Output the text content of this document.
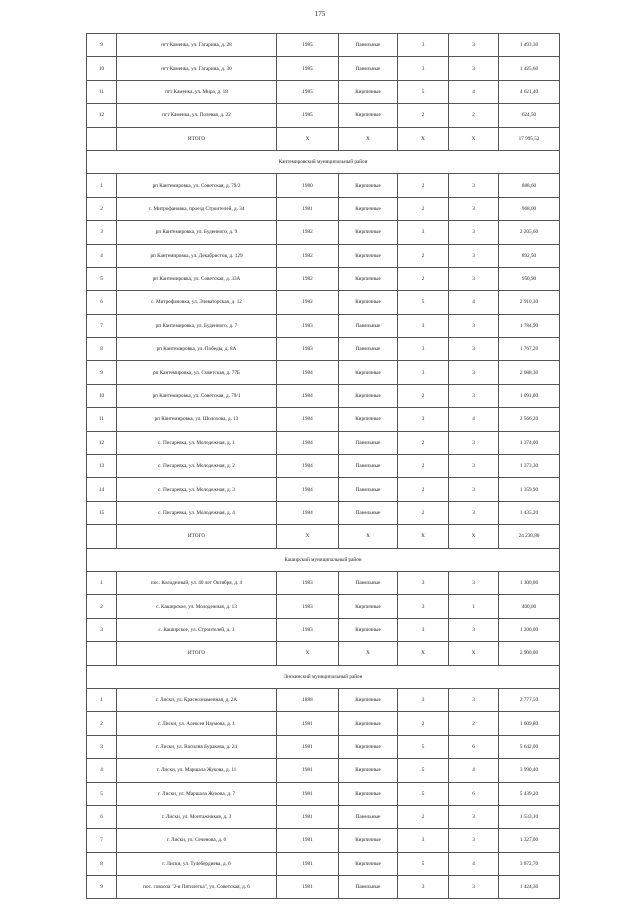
175
9	пгт Каменка, ул. Гагарина, д. 28	1985	Панельные	3	3	1 493,30
10	пгт Каменка, ул. Гагарина, д. 30	1985	Панельные	3	3	1 425,60
11	пгт Каменка, ул. Мира, д. 18	1985	Кирпичные	5	4	4 621,40
12	пгт Каменка, ул. Полевая, д. 22	1985	Кирпичные	2	2	624,50
	ИТОГО	X	X	X	X	17 995,52
Кантемировский муниципальный район						
1	рп Кантемировка, ул. Советская, д. 79/2	1980	Кирпичные	2	3	888,60
2	с. Митрофановка, проезд Строителей, д. 34	1981	Кирпичные	2	3	968,00
3	рп Кантемировка, ул. Буденного, д. 9	1982	Кирпичные	3	3	2 205,60
4	рп Кантемировка, ул. Декабристов, д. 129	1982	Кирпичные	2	3	892,50
5	рп Кантемировка, ул. Советская, д. 33А	1982	Кирпичные	2	3	950,90
6	с. Митрофановка, ул. Элеваторская, д. 12	1982	Кирпичные	5	4	2 910,30
7	рп Кантемировка, ул. Буденного, д. 7	1983	Панельные	3	3	1 784,90
8	рп Кантемировка, ул. Победы, д. 8А	1983	Панельные	3	3	1 767,20
9	рп Кантемировка, ул. Советская, д. 77Б	1984	Кирпичные	3	3	2 088,30
10	рп Кантемировка, ул. Советская, д. 79/1	1984	Кирпичные	2	3	1 091,00
11	рп Кантемировка, ул. Шолохова, д. 13	1984	Кирпичные	3	4	2 566,20
12	с. Писаревка, ул. Молодежная, д. 1	1984	Панельные	2	3	1 374,00
13	с. Писаревка, ул. Молодежная, д. 2	1984	Панельные	2	3	1 373,30
14	с. Писаревка, ул. Молодежная, д. 3	1984	Панельные	2	3	1 359,90
15	с. Писаревка, ул. Молодежная, д. 4	1984	Панельные	2	3	1 435,20
	ИТОГО	X	X	X	X	24 230,80
Каширский муниципальный район						
1	пос. Колодезный, ул. 40 лет Октября, д. 4	1983	Панельные	3	3	1 300,00
2	с. Каширское, ул. Молодежная, д. 13	1983	Кирпичные	3	1	400,00
3	с. Каширское, ул. Строителей, д. 1	1983	Кирпичные	3	3	1 200,00
	ИТОГО	X	X	X	X	2 900,00
Лискинский муниципальный район						
1	г. Лиски, ул. Краснознаменная, д. 2А	1888	Кирпичные	3	3	2 777,50
2	г. Лиски, ул. Алексея Наумова, д. 1	1981	Кирпичные	2	2	1 609,80
3	г. Лиски, ул. Василия Буракова, д. 24	1981	Кирпичные	5	6	5 642,00
4	г. Лиски, ул. Маршала Жукова, д. 11	1981	Кирпичные	5	4	3 990,40
5	г. Лиски, ул. Маршала Жукова, д. 7	1981	Кирпичные	5	6	5 439,20
6	г. Лиски, ул. Монтажников, д. 3	1981	Панельные	2	3	1 533,10
7	г. Лиски, ул. Сеченова, д. 6	1981	Кирпичные	3	3	1 327,00
8	г. Лиски, ул. Тулебердиева, д. 6	1981	Кирпичные	5	4	3 872,70
9	пос. совхоза "2-я Пятилетка", ул. Советская, д. 6	1981	Панельные	3	3	1 424,30
